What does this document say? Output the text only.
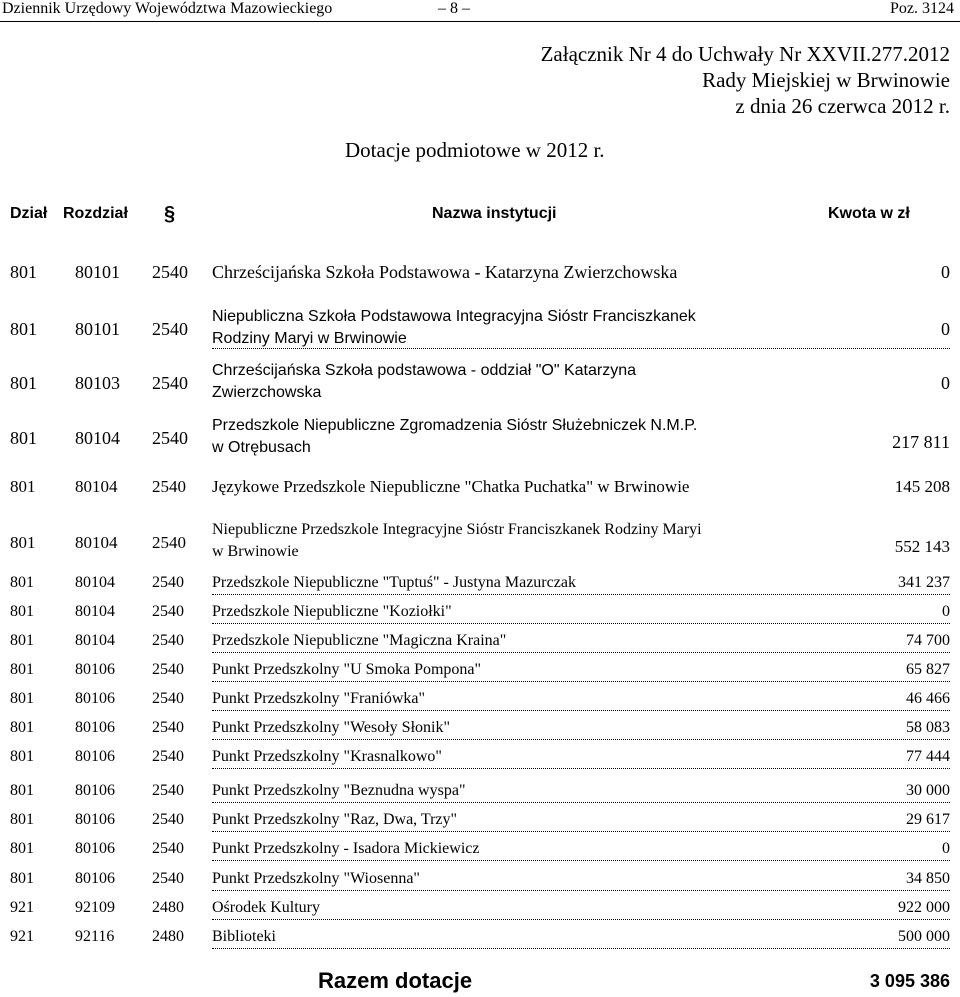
Dziennik Urzędowy Województwa Mazowieckiego	– 8 –	Poz. 3124
Załącznik Nr 4 do Uchwały Nr XXVII.277.2012
Rady Miejskiej w Brwinowie
z dnia 26 czerwca 2012 r.
Dotacje podmiotowe w 2012 r.
Dział Rozdział §	Nazwa instytucji	Kwota w zł
801 80101 2540 Chrześcijańska Szkoła Podstawowa - Katarzyna Zwierzchowska	0
801 80101 2540
Niepubliczna Szkoła Podstawowa Integracyjna Sióstr Franciszkanek
Rodziny Maryi w Brwinowie	0
801 80103 2540
Chrześcijańska Szkoła podstawowa - oddział "O" Katarzyna
Zwierzchowska	0
801 80104 2540
Przedszkole Niepubliczne Zgromadzenia Sióstr Służebniczek N.M.P.
w Otrębusach	217 811
801 80104 2540 Językowe Przedszkole Niepubliczne "Chatka Puchatka" w Brwinowie	145 208
801 80104 2540
Niepubliczne Przedszkole Integracyjne Sióstr Franciszkanek Rodziny Maryi
w Brwinowie	552 143
801	80104 2540 Przedszkole Niepubliczne "Tuptuś" - Justyna Mazurczak	341 237
801	80104 2540 Przedszkole Niepubliczne "Koziołki"	0
801	80104 2540 Przedszkole Niepubliczne "Magiczna Kraina"	74 700
801	80106 2540 Punkt Przedszkolny "U Smoka Pompona"	65 827
801	80106 2540 Punkt Przedszkolny "Franiówka"	46 466
801	80106 2540 Punkt Przedszkolny "Wesoły Słonik"	58 083
801	80106 2540 Punkt Przedszkolny "Krasnalkowo"	77 444
801	80106 2540 Punkt Przedszkolny "Beznudna wyspa"	30 000
801	80106 2540 Punkt Przedszkolny "Raz, Dwa, Trzy"	29 617
801	80106 2540 Punkt Przedszkolny - Isadora Mickiewicz	0
801	80106 2540 Punkt Przedszkolny "Wiosenna"	34 850
921	92109 2480 Ośrodek Kultury	922 000
921	92116 2480 Biblioteki	500 000
Razem dotacje	3 095 386
